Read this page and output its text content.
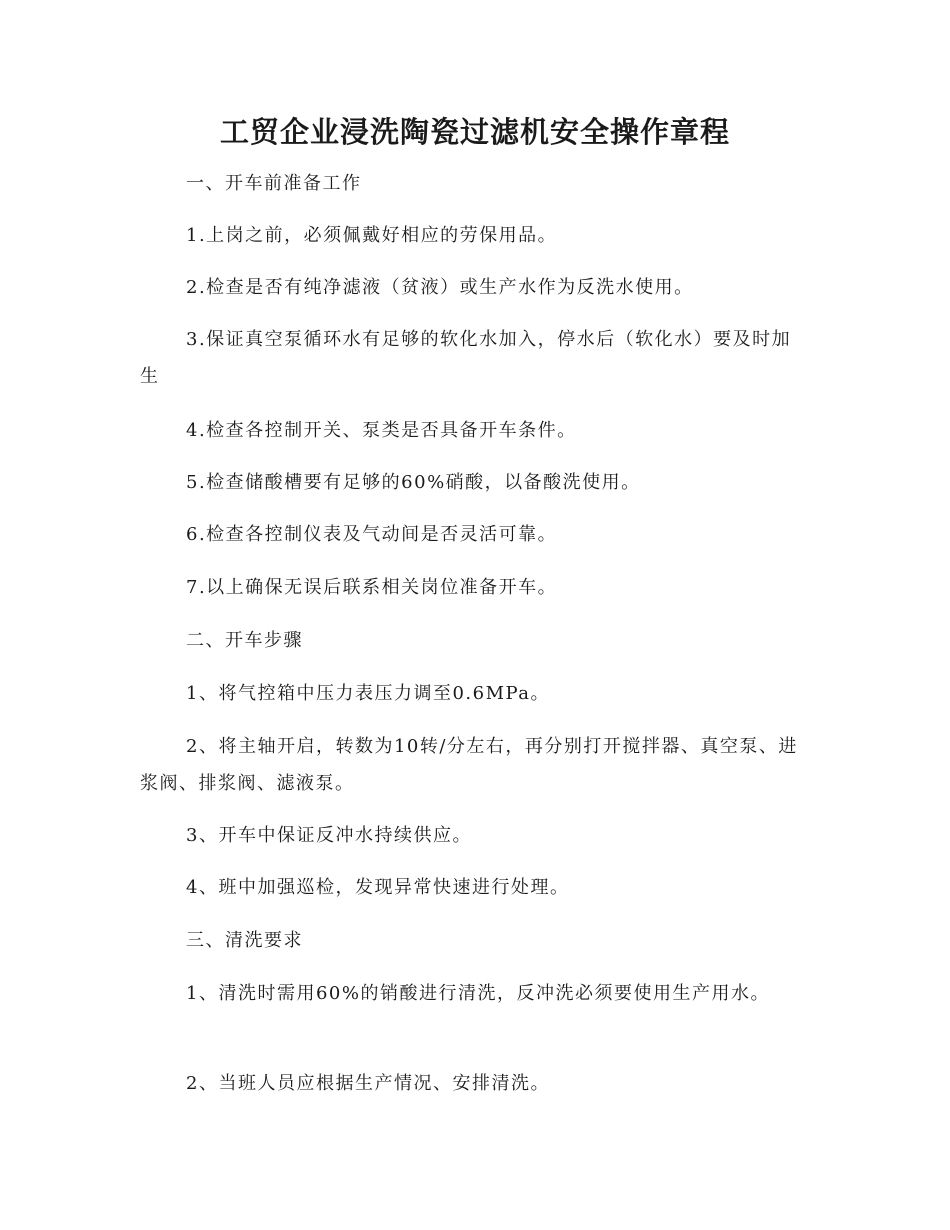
工贸企业浸洗陶瓷过滤机安全操作章程
一、开车前准备工作
1.上岗之前，必须佩戴好相应的劳保用品。
2.检查是否有纯净滤液（贫液）或生产水作为反洗水使用。
3.保证真空泵循环水有足够的软化水加入，停水后（软化水）要及时加生
4.检查各控制开关、泵类是否具备开车条件。
5.检查储酸槽要有足够的60%硝酸，以备酸洗使用。
6.检查各控制仪表及气动间是否灵活可靠。
7.以上确保无误后联系相关岗位准备开车。
二、开车步骤
1、将气控箱中压力表压力调至0.6MPa。
2、将主轴开启，转数为10转/分左右，再分别打开搅拌器、真空泵、进浆阀、排浆阀、滤液泵。
3、开车中保证反冲水持续供应。
4、班中加强巡检，发现异常快速进行处理。
三、清洗要求
1、清洗时需用60%的销酸进行清洗，反冲洗必须要使用生产用水。
2、当班人员应根据生产情况、安排清洗。
